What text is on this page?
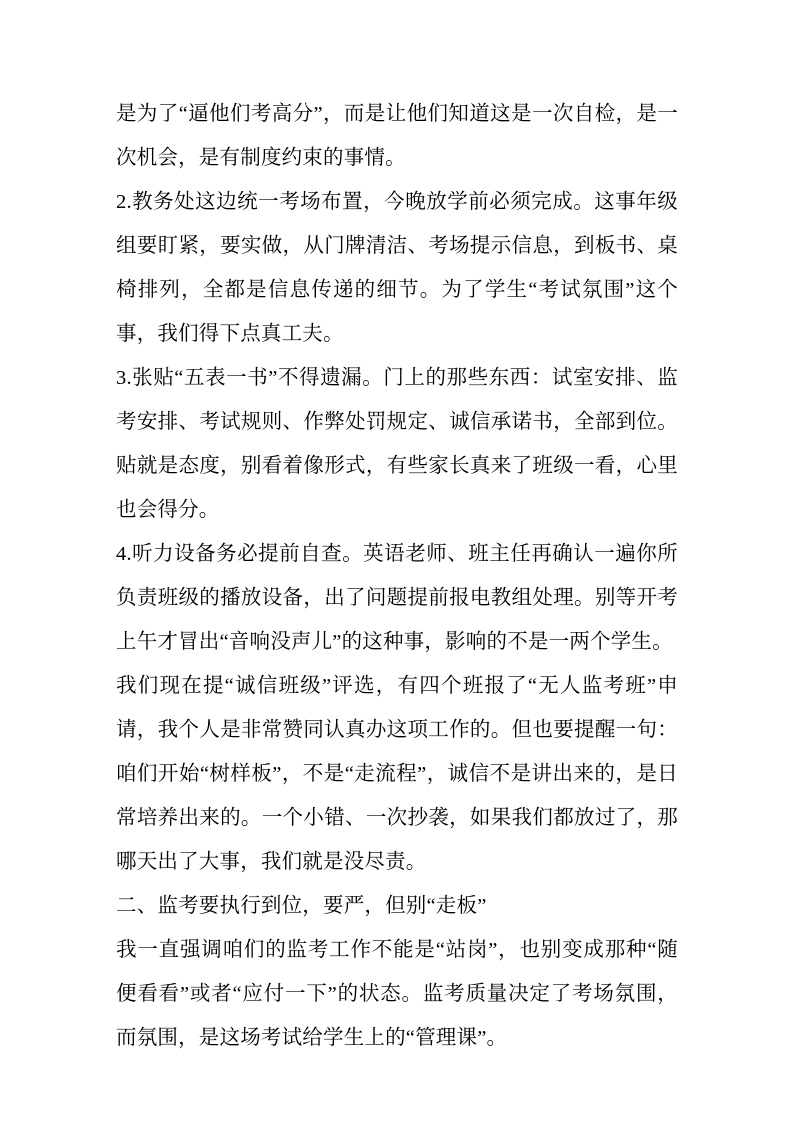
是为了“逼他们考高分”，而是让他们知道这是一次自检，是一次机会，是有制度约束的事情。

2.教务处这边统一考场布置，今晚放学前必须完成。这事年级组要盯紧，要实做，从门牌清洁、考场提示信息，到板书、桌椅排列，全都是信息传递的细节。为了学生“考试氛围”这个事，我们得下点真工夫。

3.张贴“五表一书”不得遗漏。门上的那些东西：试室安排、监考安排、考试规则、作弊处罚规定、诚信承诺书，全部到位。贴就是态度，别看着像形式，有些家长真来了班级一看，心里也会得分。

4.听力设备务必提前自查。英语老师、班主任再确认一遍你所负责班级的播放设备，出了问题提前报电教组处理。别等开考上午才冒出“音响没声儿”的这种事，影响的不是一两个学生。

我们现在提“诚信班级”评选，有四个班报了“无人监考班”申请，我个人是非常赞同认真办这项工作的。但也要提醒一句：咱们开始“树样板”，不是“走流程”，诚信不是讲出来的，是日常培养出来的。一个小错、一次抄袭，如果我们都放过了，那哪天出了大事，我们就是没尽责。

二、监考要执行到位，要严，但别“走板”

我一直强调咱们的监考工作不能是“站岗”，也别变成那种“随便看看”或者“应付一下”的状态。监考质量决定了考场氛围，而氛围，是这场考试给学生上的“管理课”。
